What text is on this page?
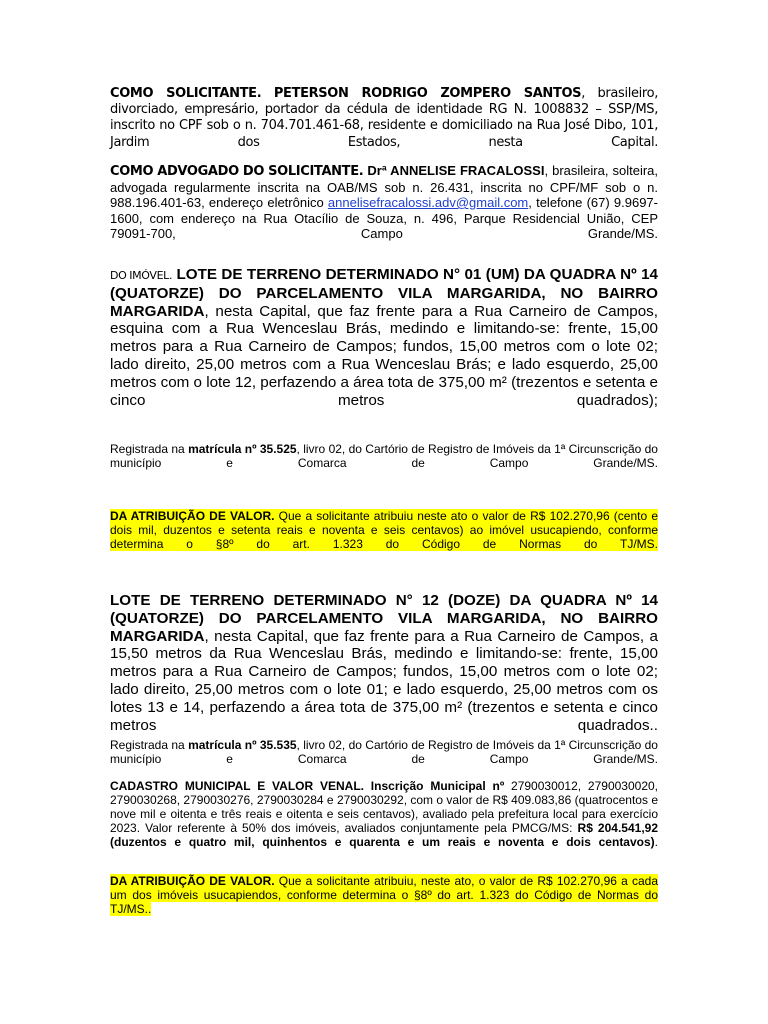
COMO SOLICITANTE. PETERSON RODRIGO ZOMPERO SANTOS, brasileiro, divorciado, empresário, portador da cédula de identidade RG N. 1008832 – SSP/MS, inscrito no CPF sob o n. 704.701.461-68, residente e domiciliado na Rua José Dibo, 101, Jardim dos Estados, nesta Capital.

COMO ADVOGADO DO SOLICITANTE. Drª ANNELISE FRACALOSSI, brasileira, solteira, advogada regularmente inscrita na OAB/MS sob n. 26.431, inscrita no CPF/MF sob o n. 988.196.401-63, endereço eletrônico annelisefracalossi.adv@gmail.com, telefone (67) 9.9697-1600, com endereço na Rua Otacílio de Souza, n. 496, Parque Residencial União, CEP 79091-700, Campo Grande/MS.

DO IMÓVEL. LOTE DE TERRENO DETERMINADO N° 01 (UM) DA QUADRA Nº 14 (QUATORZE) DO PARCELAMENTO VILA MARGARIDA, NO BAIRRO MARGARIDA, nesta Capital, que faz frente para a Rua Carneiro de Campos, esquina com a Rua Wenceslau Brás, medindo e limitando-se: frente, 15,00 metros para a Rua Carneiro de Campos; fundos, 15,00 metros com o lote 02; lado direito, 25,00 metros com a Rua Wenceslau Brás; e lado esquerdo, 25,00 metros com o lote 12, perfazendo a área tota de 375,00 m² (trezentos e setenta e cinco metros quadrados);

Registrada na matrícula nº 35.525, livro 02, do Cartório de Registro de Imóveis da 1ª Circunscrição do município e Comarca de Campo Grande/MS.

DA ATRIBUIÇÃO DE VALOR. Que a solicitante atribuiu neste ato o valor de R$ 102.270,96 (cento e dois mil, duzentos e setenta reais e noventa e seis centavos) ao imóvel usucapiendo, conforme determina o §8º do art. 1.323 do Código de Normas do TJ/MS.

LOTE DE TERRENO DETERMINADO N° 12 (DOZE) DA QUADRA Nº 14 (QUATORZE) DO PARCELAMENTO VILA MARGARIDA, NO BAIRRO MARGARIDA, nesta Capital, que faz frente para a Rua Carneiro de Campos, a 15,50 metros da Rua Wenceslau Brás, medindo e limitando-se: frente, 15,00 metros para a Rua Carneiro de Campos; fundos, 15,00 metros com o lote 02; lado direito, 25,00 metros com o lote 01; e lado esquerdo, 25,00 metros com os lotes 13 e 14, perfazendo a área tota de 375,00 m² (trezentos e setenta e cinco metros quadrados..

Registrada na matrícula nº 35.535, livro 02, do Cartório de Registro de Imóveis da 1ª Circunscrição do município e Comarca de Campo Grande/MS.

CADASTRO MUNICIPAL E VALOR VENAL. Inscrição Municipal nº 2790030012, 2790030020, 2790030268, 2790030276, 2790030284 e 2790030292, com o valor de R$ 409.083,86 (quatrocentos e nove mil e oitenta e três reais e oitenta e seis centavos), avaliado pela prefeitura local para exercício 2023. Valor referente à 50% dos imóveis, avaliados conjuntamente pela PMCG/MS: R$ 204.541,92 (duzentos e quatro mil, quinhentos e quarenta e um reais e noventa e dois centavos).

DA ATRIBUIÇÃO DE VALOR. Que a solicitante atribuiu, neste ato, o valor de R$ 102.270,96 a cada um dos imóveis usucapiendos, conforme determina o §8º do art. 1.323 do Código de Normas do TJ/MS..
